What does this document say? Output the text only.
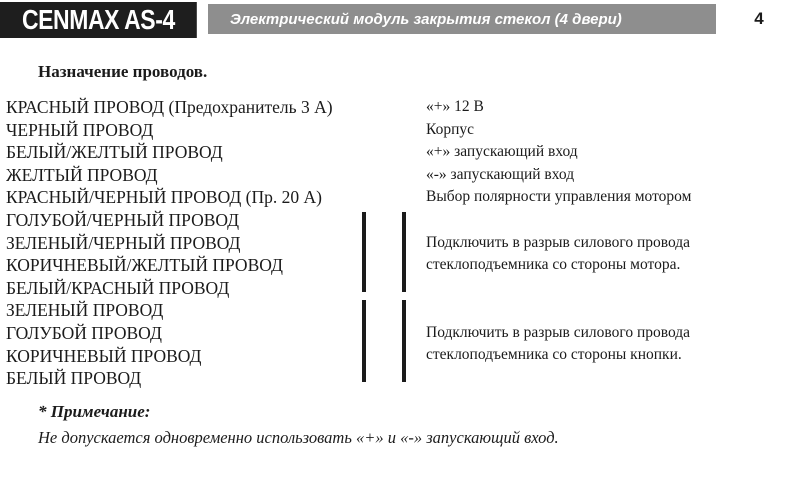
CENMAX AS-4	Электрический модуль закрытия стекол (4 двери)	4
Назначение проводов.
КРАСНЫЙ ПРОВОД (Предохранитель 3 А)
ЧЕРНЫЙ ПРОВОД
БЕЛЫЙ/ЖЕЛТЫЙ ПРОВОД
ЖЕЛТЫЙ ПРОВОД
КРАСНЫЙ/ЧЕРНЫЙ ПРОВОД (Пр. 20 А)
ГОЛУБОЙ/ЧЕРНЫЙ ПРОВОД
ЗЕЛЕНЫЙ/ЧЕРНЫЙ ПРОВОД
КОРИЧНЕВЫЙ/ЖЕЛТЫЙ ПРОВОД
БЕЛЫЙ/КРАСНЫЙ ПРОВОД
ЗЕЛЕНЫЙ ПРОВОД
ГОЛУБОЙ ПРОВОД
КОРИЧНЕВЫЙ ПРОВОД
БЕЛЫЙ ПРОВОД
«+» 12 В
Корпус
«+» запускающий вход
«-» запускающий вход
Выбор полярности управления мотором
Подключить в разрыв силового провода
стеклоподъемника со стороны мотора.
Подключить в разрыв силового провода
стеклоподъемника со стороны кнопки.
* Примечание:
Не допускается одновременно использовать «+» и «-» запускающий вход.
